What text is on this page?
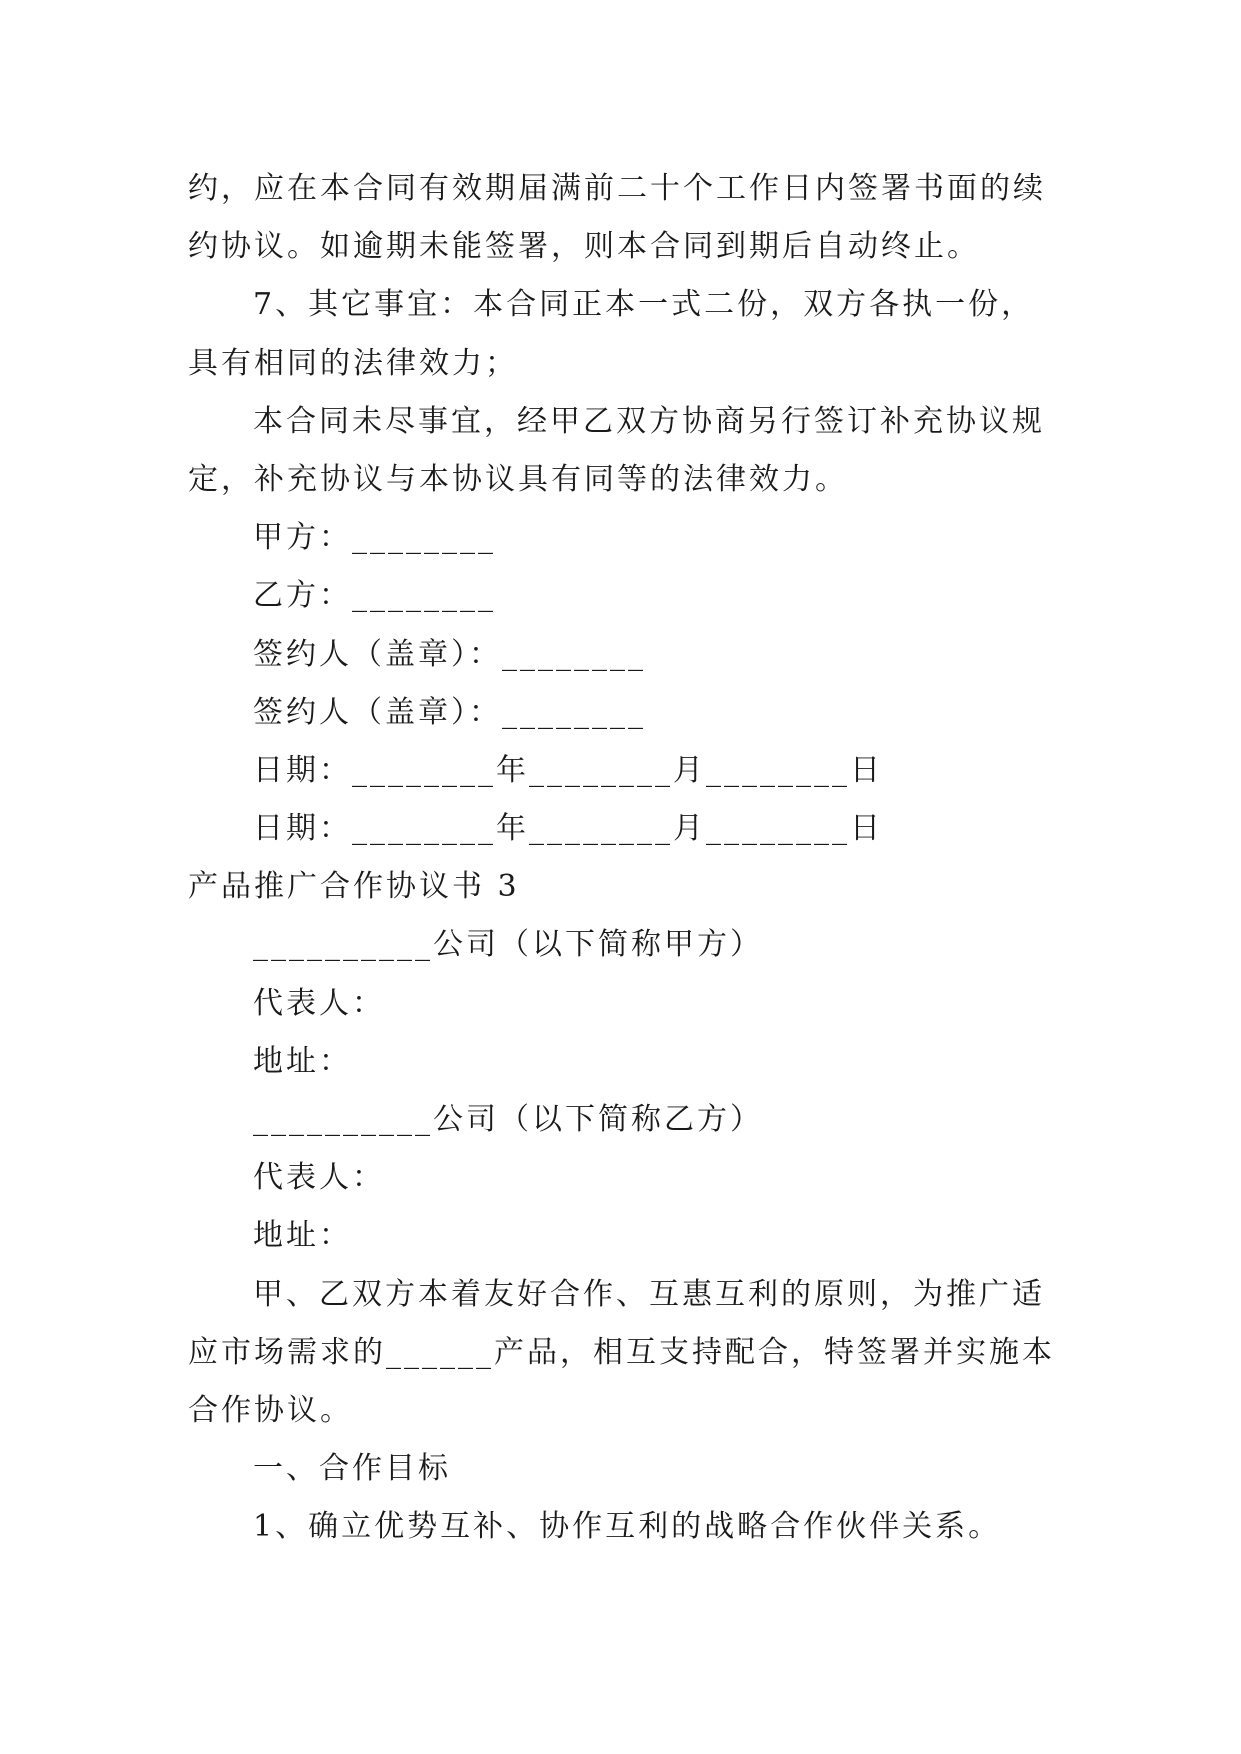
约，应在本合同有效期届满前二十个工作日内签署书面的续
约协议。如逾期未能签署，则本合同到期后自动终止。
7、其它事宜：本合同正本一式二份，双方各执一份，
具有相同的法律效力；
本合同未尽事宜，经甲乙双方协商另行签订补充协议规
定，补充协议与本协议具有同等的法律效力。
甲方：________
乙方：________
签约人（盖章）：________
签约人（盖章）：________
日期：________年________月________日
日期：________年________月________日
产品推广合作协议书 3
__________公司（以下简称甲方）
代表人：
地址：
__________公司（以下简称乙方）
代表人：
地址：
甲、乙双方本着友好合作、互惠互利的原则，为推广适
应市场需求的______产品，相互支持配合，特签署并实施本
合作协议。
一、合作目标
1、确立优势互补、协作互利的战略合作伙伴关系。
